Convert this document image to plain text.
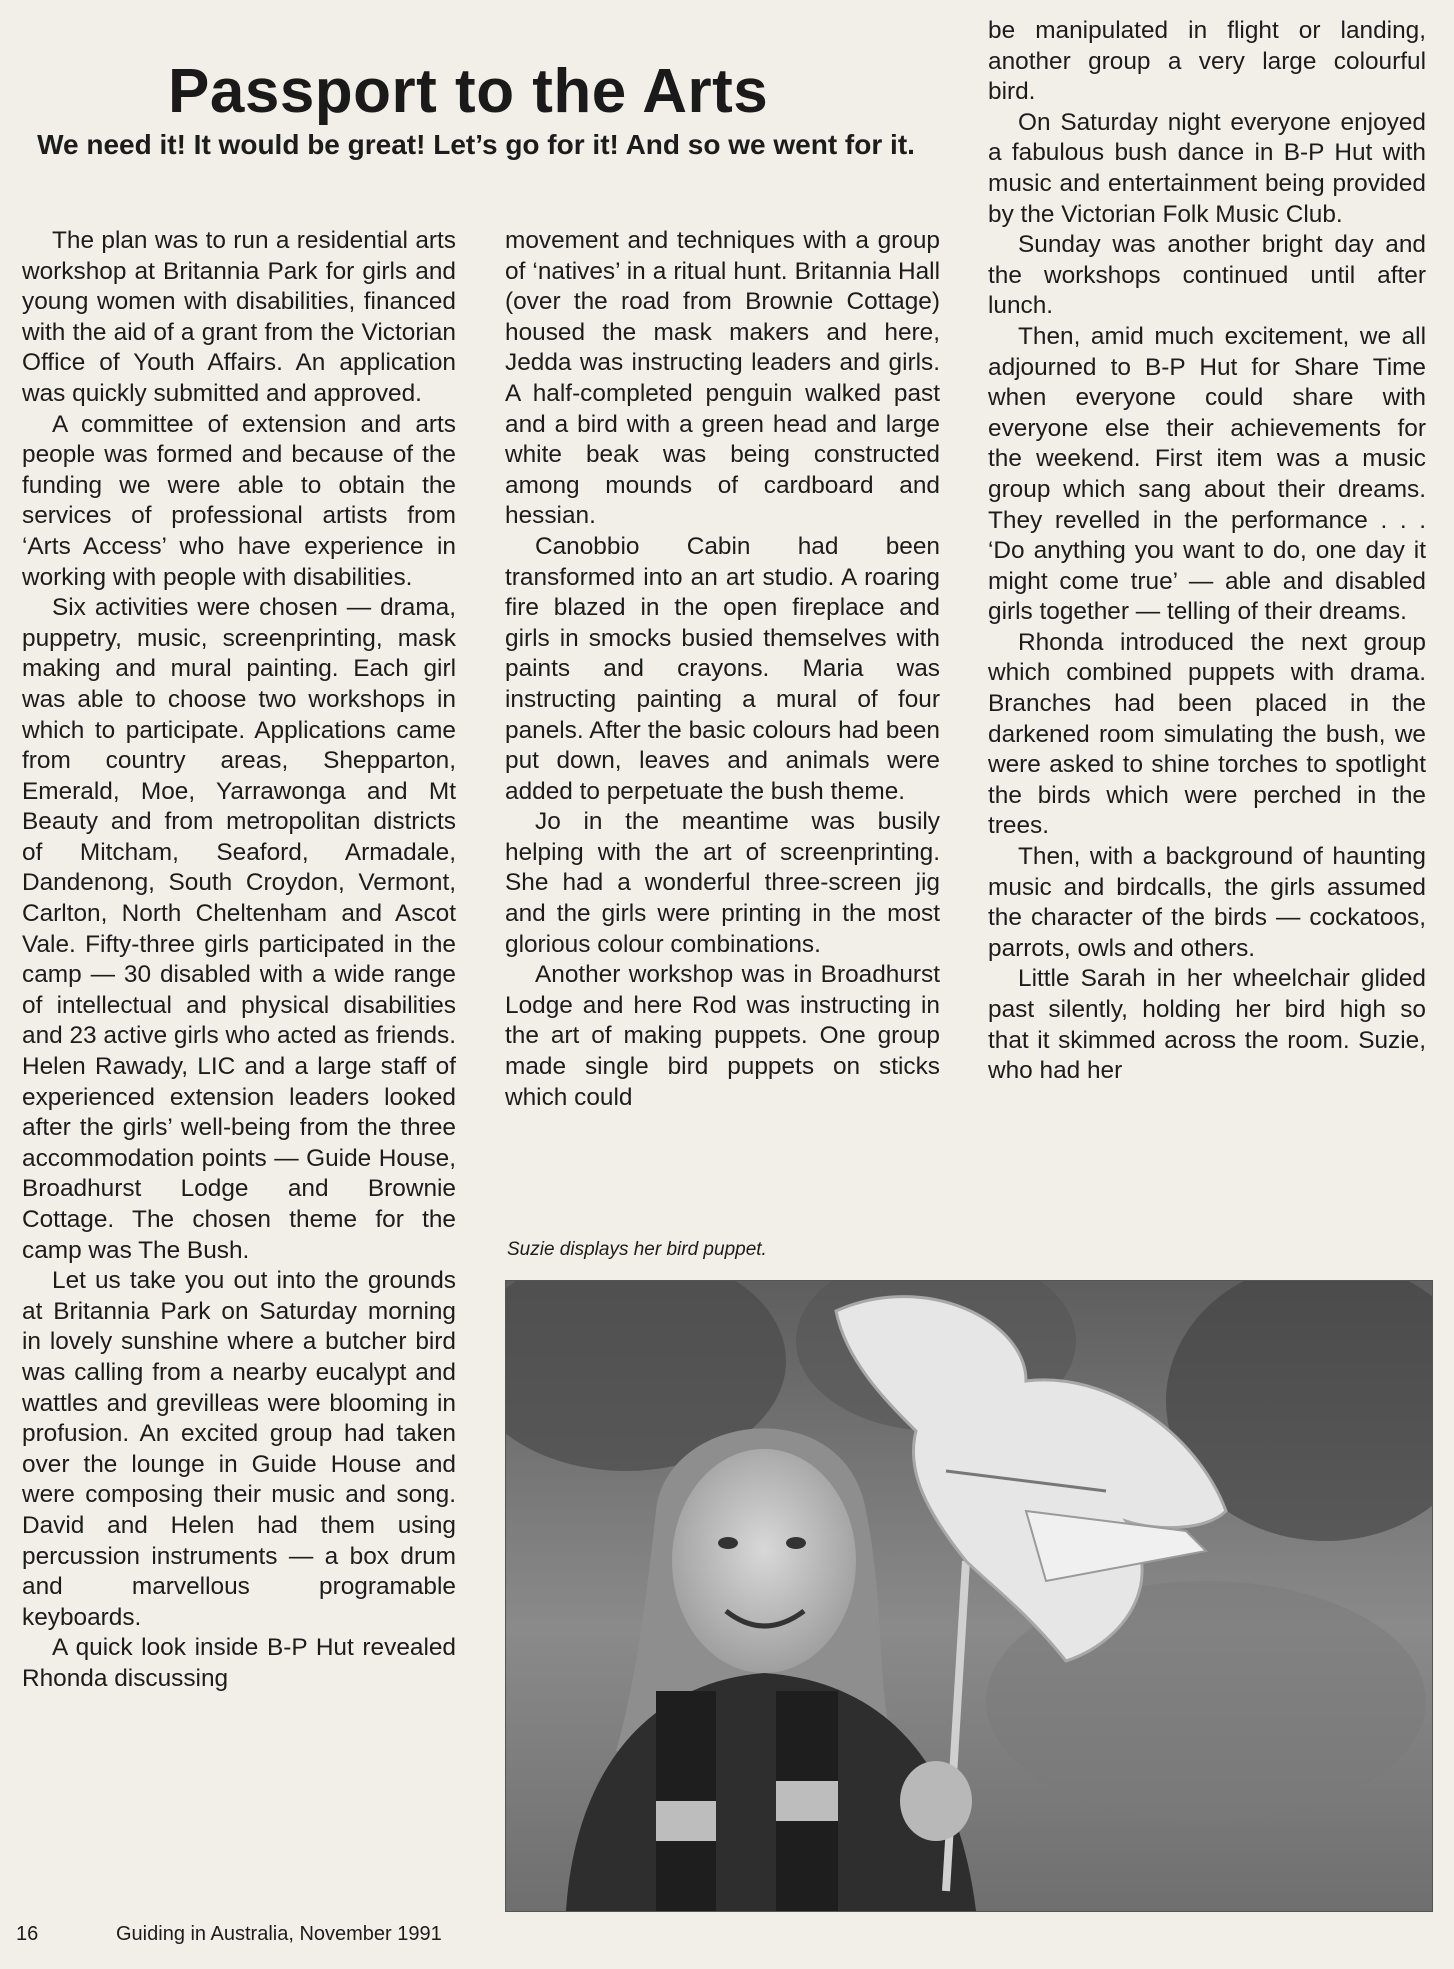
Passport to the Arts
We need it! It would be great! Let’s go for it! And so we went for it.

The plan was to run a residential arts workshop at Britannia Park for girls and young women with disabilities, financed with the aid of a grant from the Victorian Office of Youth Affairs. An application was quickly submitted and approved.

A committee of extension and arts people was formed and because of the funding we were able to obtain the services of professional artists from ‘Arts Access’ who have experience in working with people with disabilities.

Six activities were chosen — drama, puppetry, music, screenprinting, mask making and mural painting. Each girl was able to choose two workshops in which to participate. Applications came from country areas, Shepparton, Emerald, Moe, Yarrawonga and Mt Beauty and from metropolitan districts of Mitcham, Seaford, Armadale, Dandenong, South Croydon, Vermont, Carlton, North Cheltenham and Ascot Vale. Fifty-three girls participated in the camp — 30 disabled with a wide range of intellectual and physical disabilities and 23 active girls who acted as friends. Helen Rawady, LIC and a large staff of experienced extension leaders looked after the girls’ well-being from the three accommodation points — Guide House, Broadhurst Lodge and Brownie Cottage. The chosen theme for the camp was The Bush.

Let us take you out into the grounds at Britannia Park on Saturday morning in lovely sunshine where a butcher bird was calling from a nearby eucalypt and wattles and grevilleas were blooming in profusion. An excited group had taken over the lounge in Guide House and were composing their music and song. David and Helen had them using percussion instruments — a box drum and marvellous programable keyboards.

A quick look inside B-P Hut revealed Rhonda discussing

movement and techniques with a group of ‘natives’ in a ritual hunt. Britannia Hall (over the road from Brownie Cottage) housed the mask makers and here, Jedda was instructing leaders and girls. A half-completed penguin walked past and a bird with a green head and large white beak was being constructed among mounds of cardboard and hessian.

Canobbio Cabin had been transformed into an art studio. A roaring fire blazed in the open fireplace and girls in smocks busied themselves with paints and crayons. Maria was instructing painting a mural of four panels. After the basic colours had been put down, leaves and animals were added to perpetuate the bush theme.

Jo in the meantime was busily helping with the art of screenprinting. She had a wonderful three-screen jig and the girls were printing in the most glorious colour combinations.

Another workshop was in Broadhurst Lodge and here Rod was instructing in the art of making puppets. One group made single bird puppets on sticks which could

be manipulated in flight or landing, another group a very large colourful bird.

On Saturday night everyone enjoyed a fabulous bush dance in B-P Hut with music and entertainment being provided by the Victorian Folk Music Club.

Sunday was another bright day and the workshops continued until after lunch.

Then, amid much excitement, we all adjourned to B-P Hut for Share Time when everyone could share with everyone else their achievements for the weekend. First item was a music group which sang about their dreams. They revelled in the performance . . . ‘Do anything you want to do, one day it might come true’ — able and disabled girls together — telling of their dreams.

Rhonda introduced the next group which combined puppets with drama. Branches had been placed in the darkened room simulating the bush, we were asked to shine torches to spotlight the birds which were perched in the trees.

Then, with a background of haunting music and birdcalls, the girls assumed the character of the birds — cockatoos, parrots, owls and others.

Little Sarah in her wheelchair glided past silently, holding her bird high so that it skimmed across the room. Suzie, who had her

Suzie displays her bird puppet.
16	Guiding in Australia, November 1991
